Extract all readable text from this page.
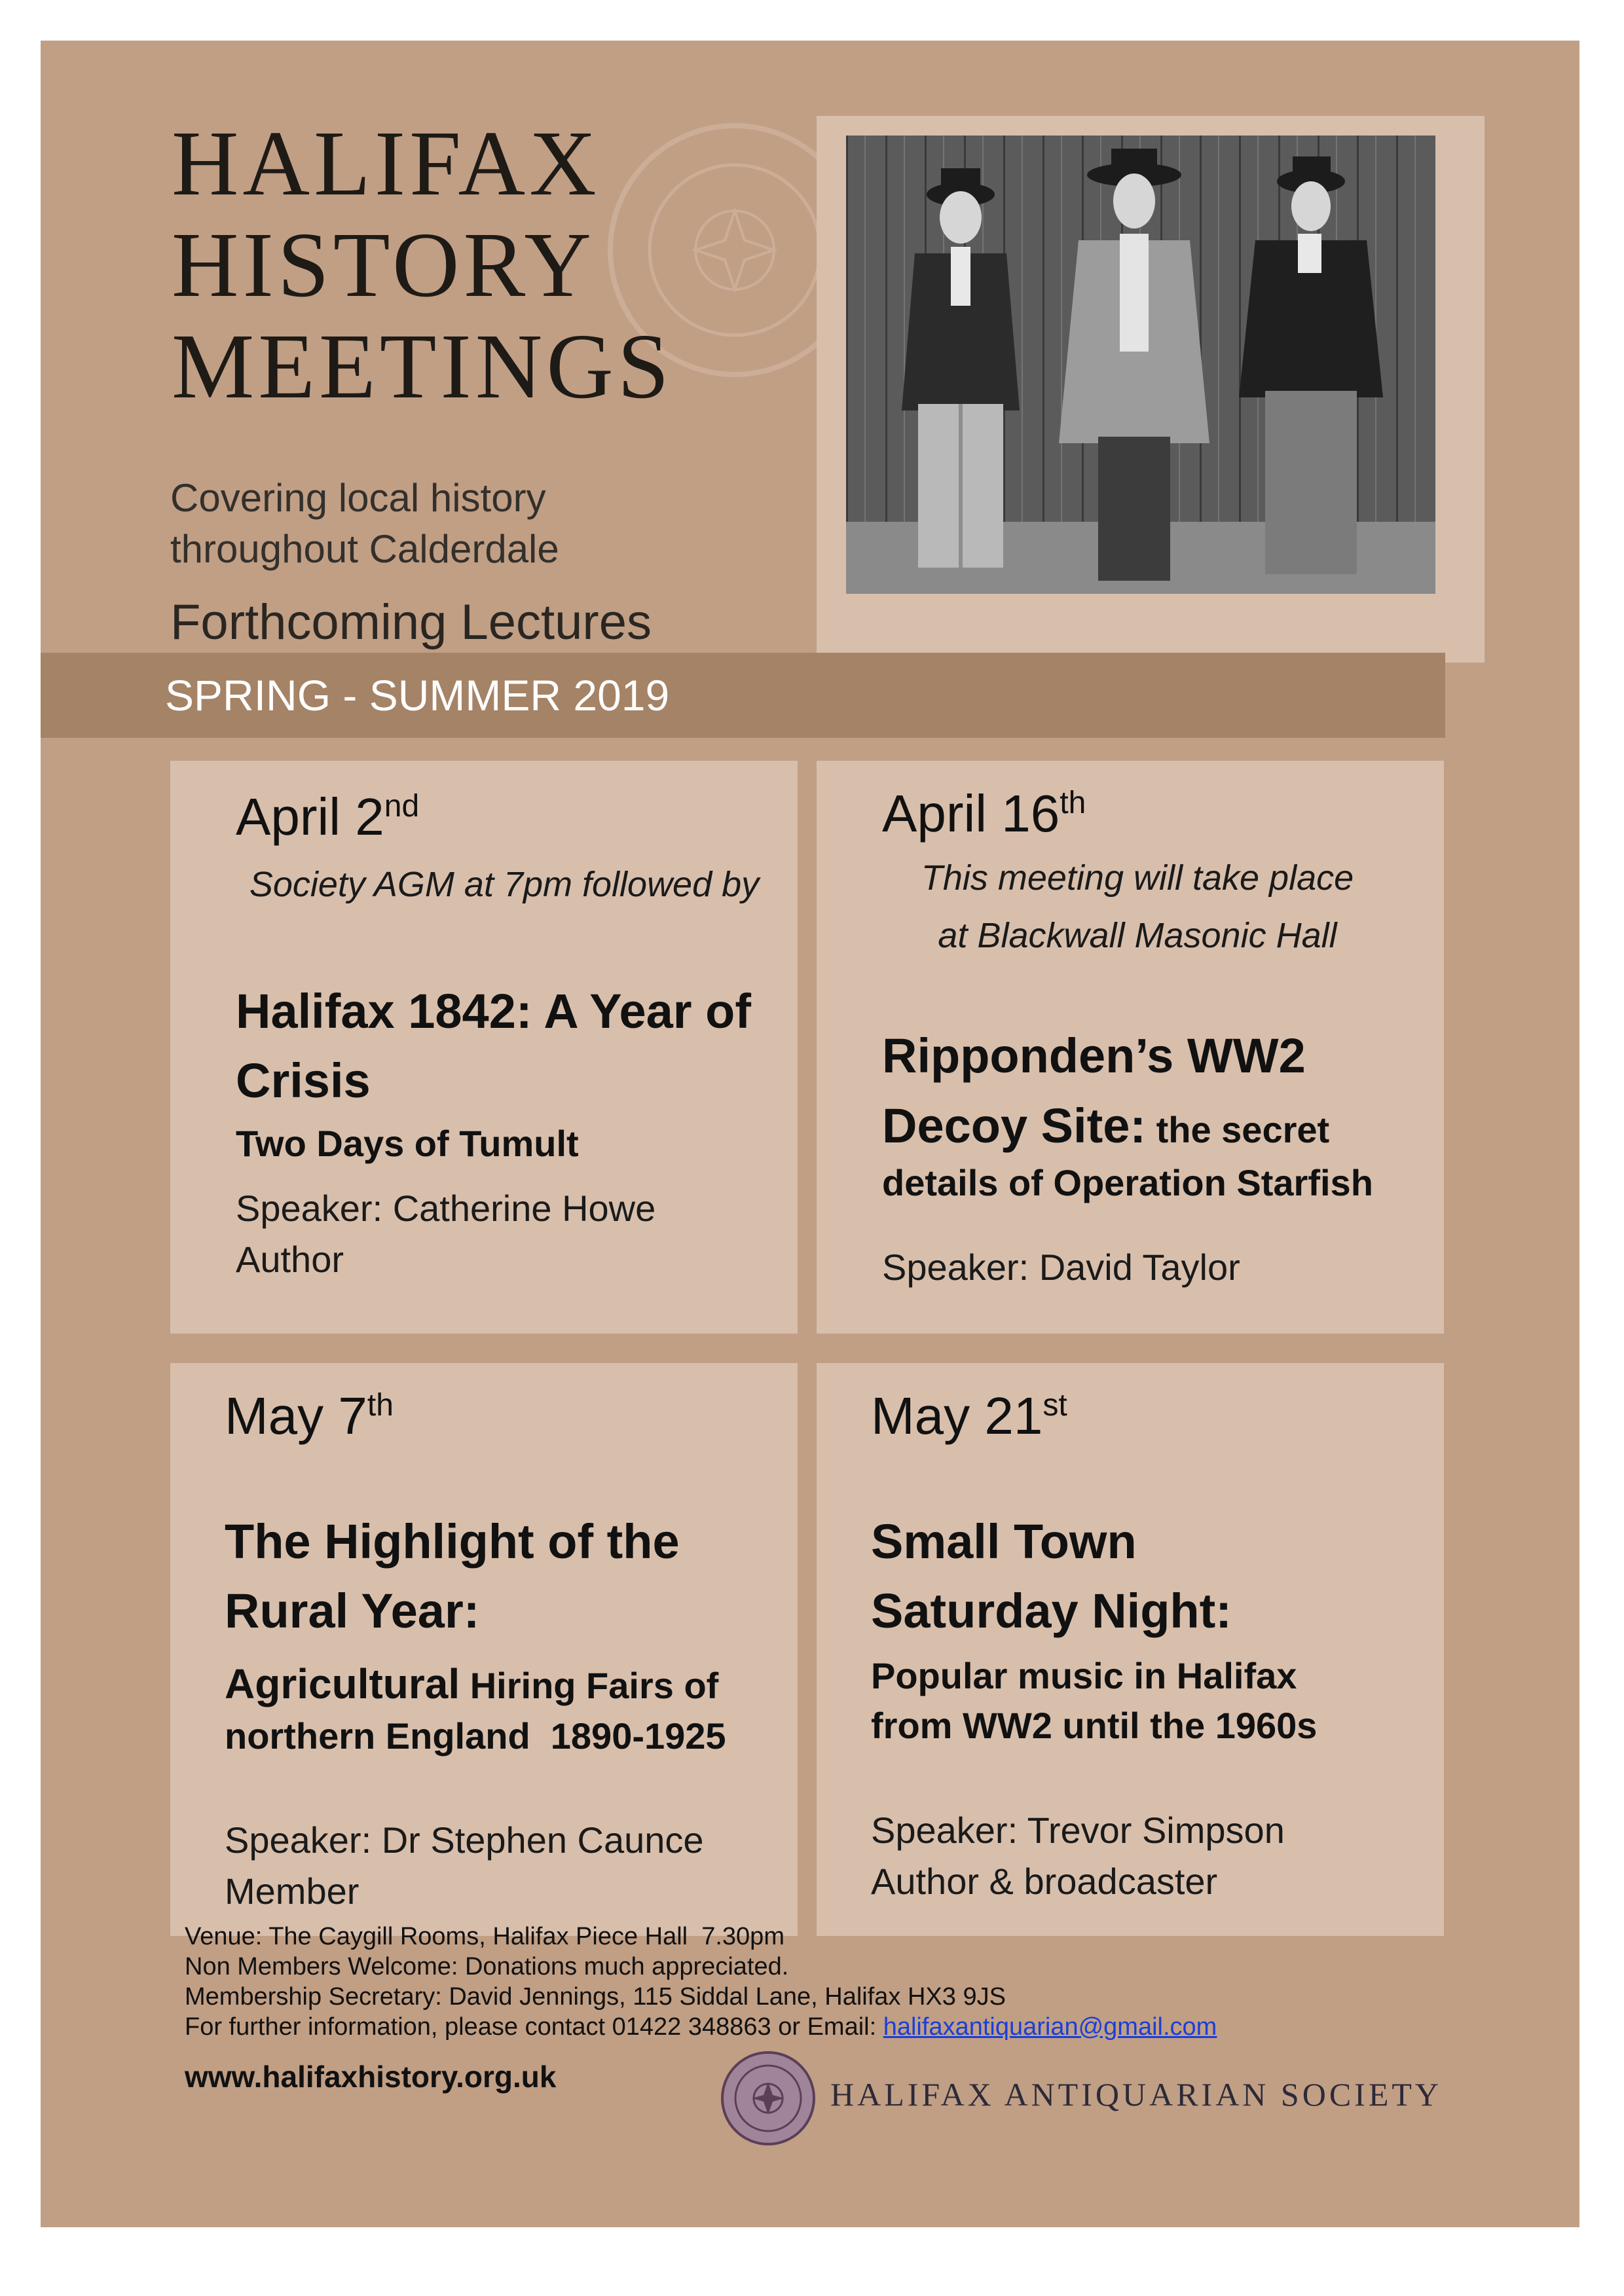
HALIFAX
HISTORY
MEETINGS
Covering local history
throughout Calderdale
Forthcoming Lectures
SPRING - SUMMER 2019
April 2nd
Society AGM at 7pm followed by
Halifax 1842: A Year of Crisis
Two Days of Tumult
Speaker: Catherine Howe
Author
April 16th
This meeting will take place
at Blackwall Masonic Hall
Ripponden’s WW2
Decoy Site: the secret
details of Operation Starfish
Speaker: David Taylor
May 7th
The Highlight of the Rural Year:
Agricultural Hiring Fairs of
northern England  1890-1925
Speaker: Dr Stephen Caunce
Member
May 21st
Small Town Saturday Night:
Popular music in Halifax from WW2 until the 1960s
Speaker: Trevor Simpson
Author & broadcaster
Venue: The Caygill Rooms, Halifax Piece Hall  7.30pm
Non Members Welcome: Donations much appreciated.
Membership Secretary: David Jennings, 115 Siddal Lane, Halifax HX3 9JS
For further information, please contact 01422 348863 or Email: halifaxantiquarian@gmail.com
www.halifaxhistory.org.uk	HALIFAX ANTIQUARIAN SOCIETY
